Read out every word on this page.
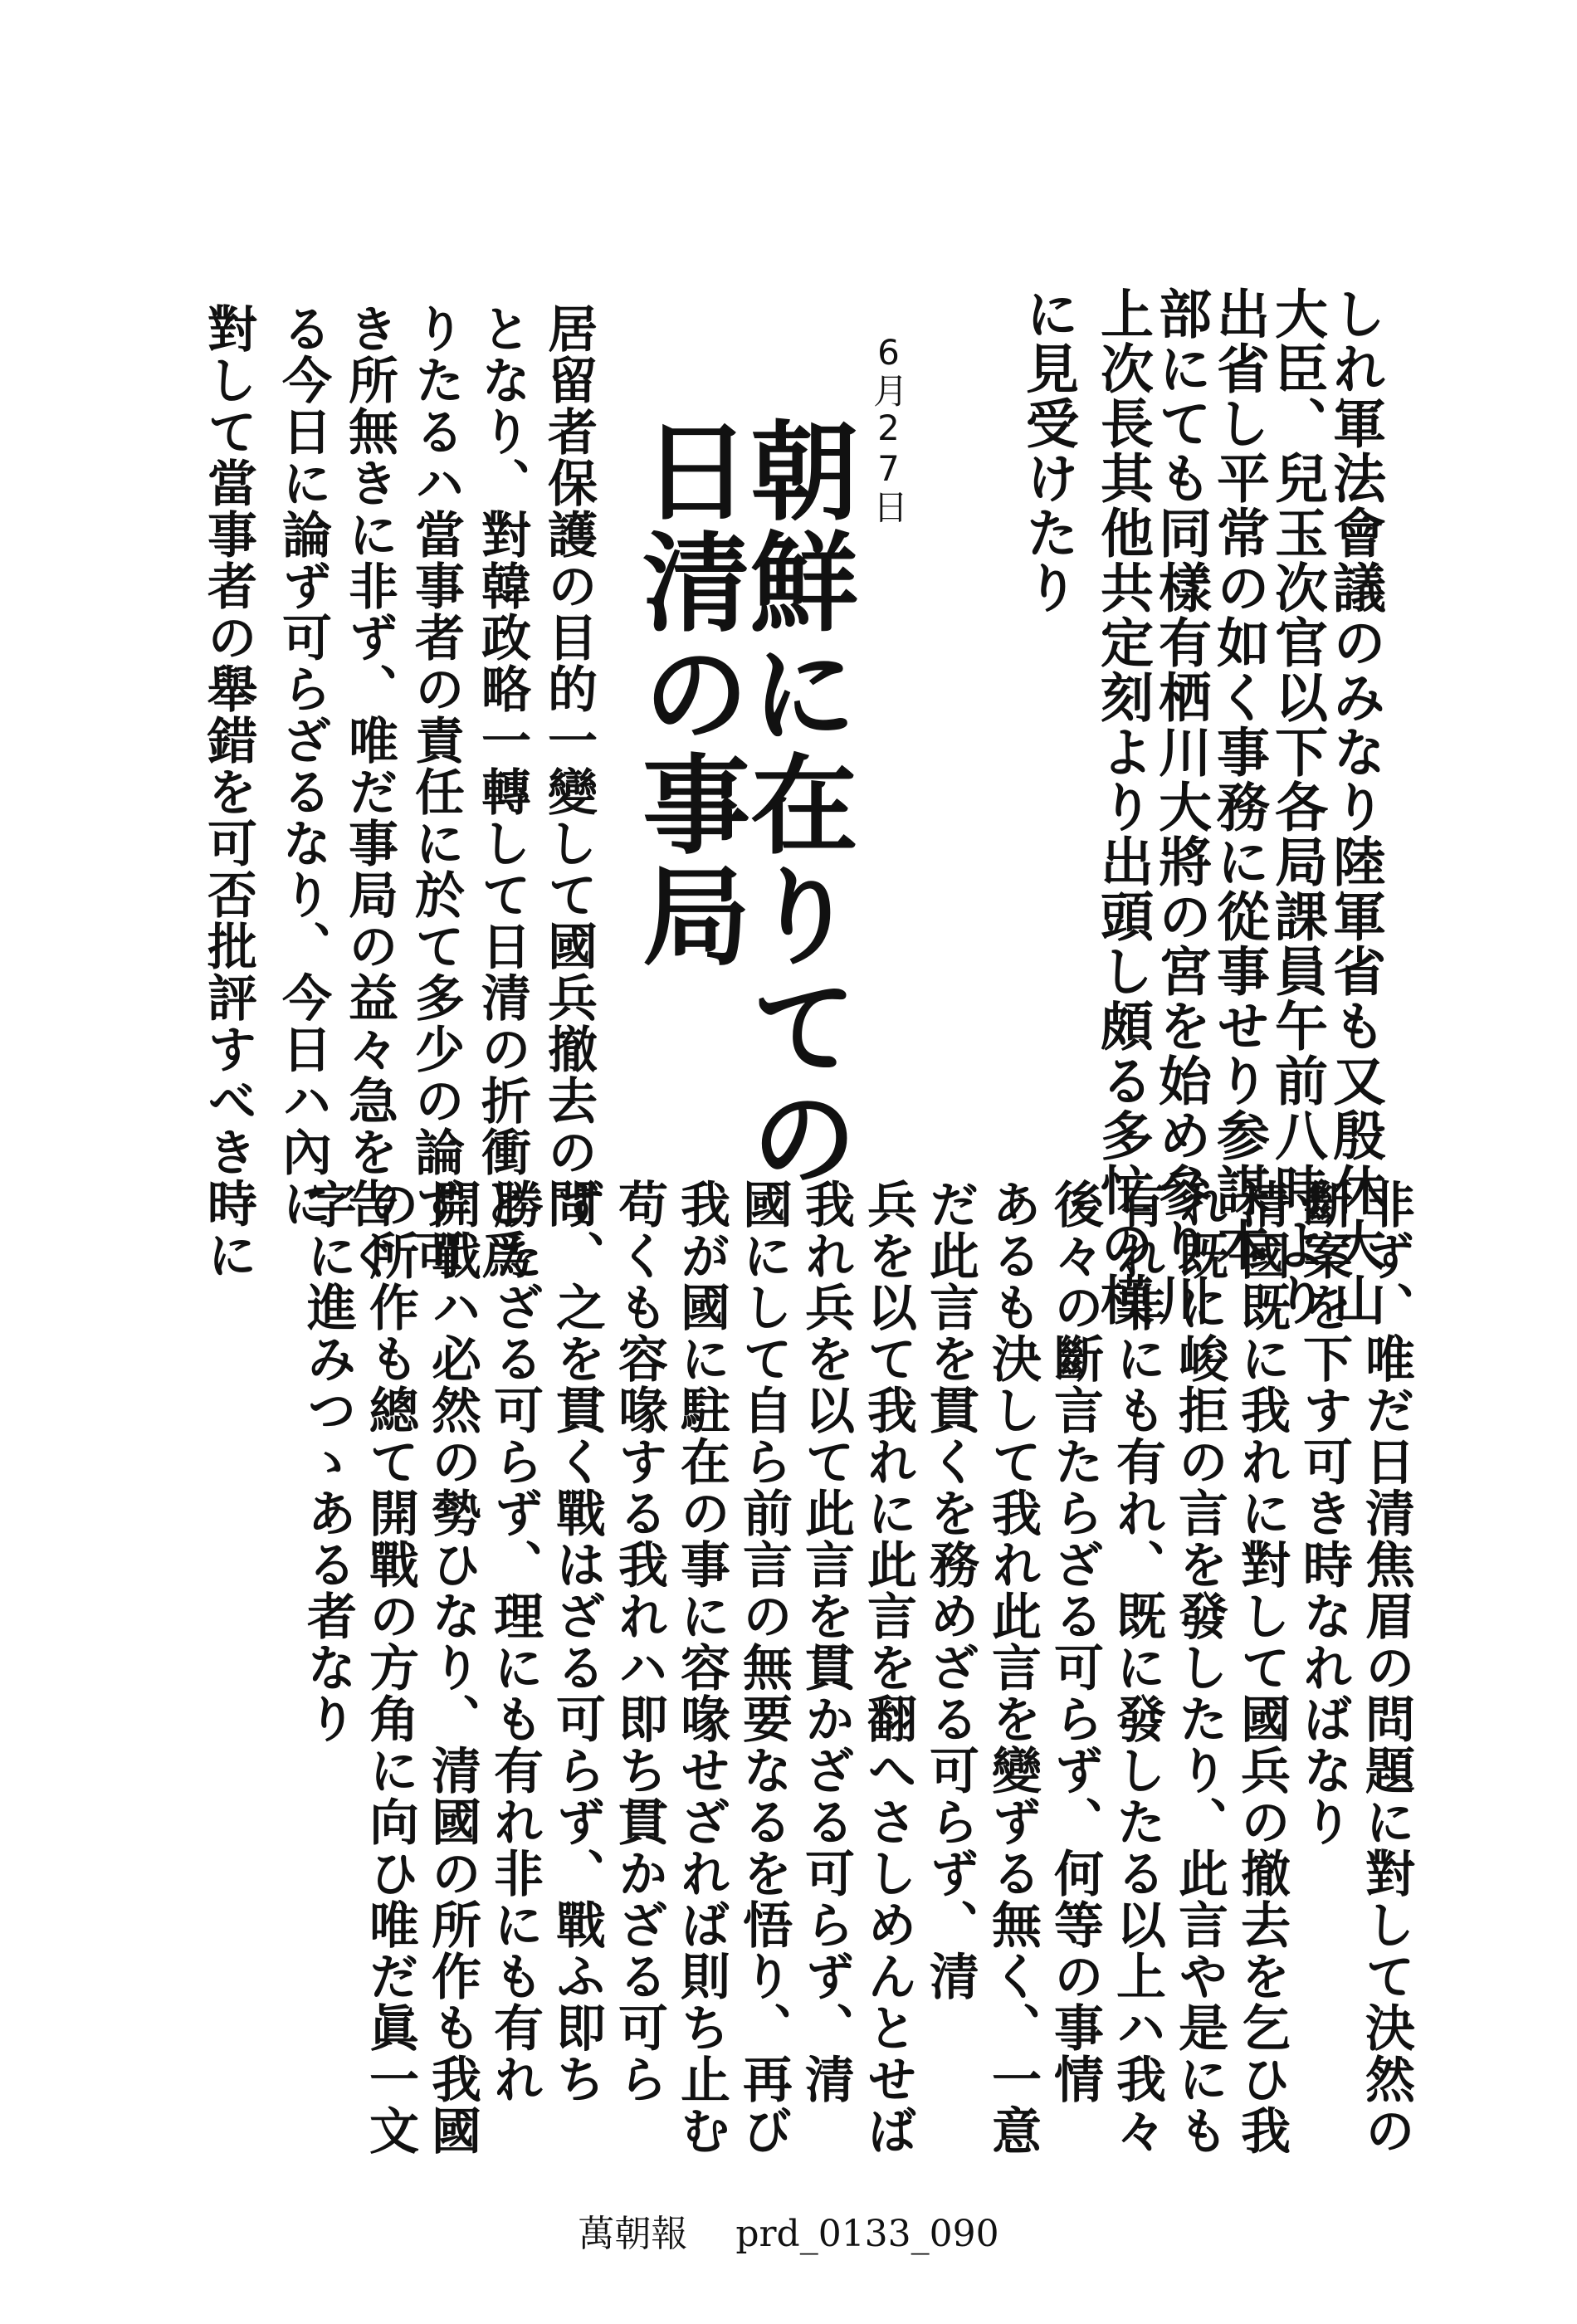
しれ軍法會議のみなり陸軍省も又殷休大山
大臣、兒玉次官以下各局課員午前八時より
出省し平常の如く事務に從事せり参謀本
部にても同樣有栖川大將の宮を始め參り川
上次長其他共定刻より出頭し頗る多忙の模
に見受けたり
6月27日
朝鮮に在りての
日清の事局
居留者保護の目的一變して國兵撤去の問
となり、對韓政略一轉して日清の折衝と爲
りたるハ當事者の責任に於て多少の論ず可
き所無きに非ず、唯だ事局の益々急を告ぐ
る今日に論ず可らざるなり、今日ハ內に
對して當事者の舉錯を可否批評すべき時に
非ず、唯だ日清焦眉の問題に對して決然の
斷案を下す可き時なればなり
清國既に我れに對して國兵の撤去を乞ひ我
れ既に峻拒の言を發したり、此言や是にも
有れ非にも有れ、既に發したる以上ハ我々
後々の斷言たらざる可らず、何等の事情
あるも決して我れ此言を變ずる無く、一意
だ此言を貫くを務めざる可らず、清
兵を以て我れに此言を翻へさしめんとせば
我れ兵を以て此言を貫かざる可らず、清
國にして自ら前言の無要なるを悟り、再び
我が國に駐在の事に容喙せざれば則ち止む
苟くも容喙する我れハ即ち貫かざる可ら
ず、之を貫く戰はざる可らず、戰ふ即ち
勝たざる可らず、理にも有れ非にも有れ
開戰ハ必然の勢ひなり、清國の所作も我國
の所作も總て開戰の方角に向ひ唯だ眞一文
字に進みつゝある者なり
萬朝報 prd_0133_090
